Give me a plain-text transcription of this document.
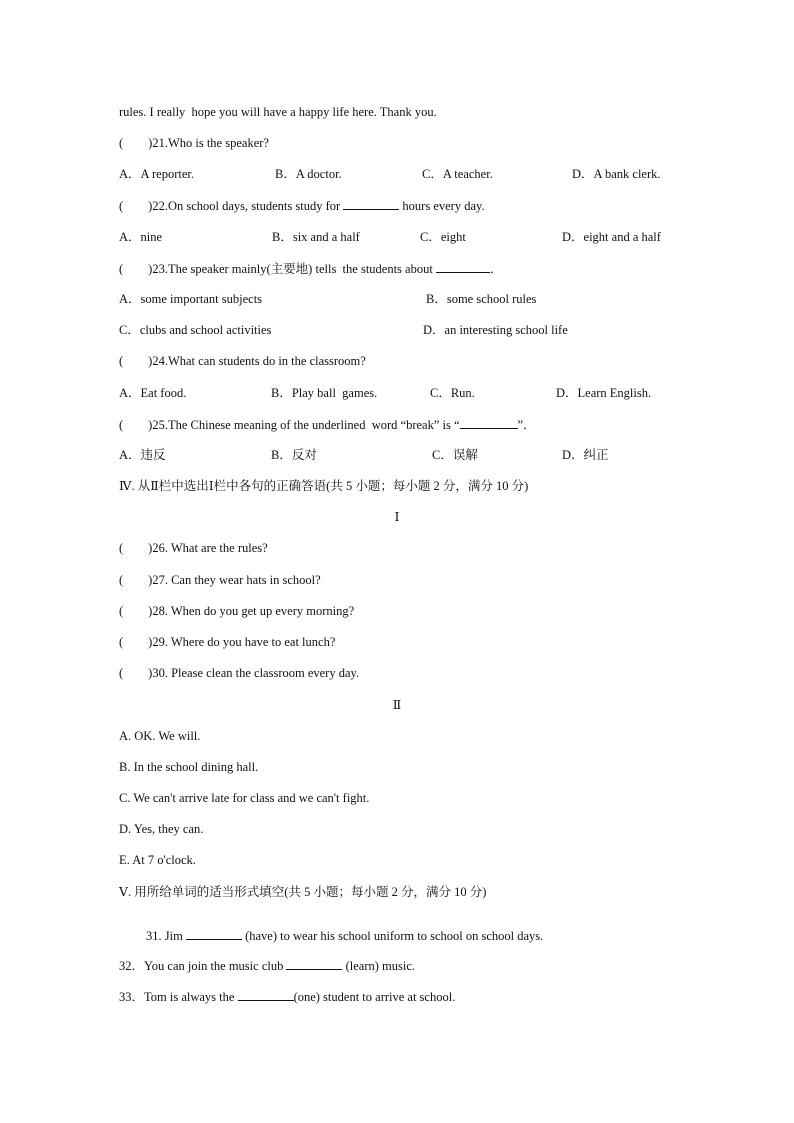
rules. I really  hope you will have a happy life here. Thank you.
(        )21.Who is the speaker?
A．A reporter.	B．A doctor.	C．A teacher.	D．A bank clerk.
(        )22.On school days, students study for	hours every day.
A．nine	B．six and a half	C．eight	D．eight and a half
(        )23.The speaker mainly(主要地) tells  the students about	．
A．some important subjects	B．some school rules
C．clubs and school activities	D．an interesting school life
(        )24.What can students do in the classroom?
A．Eat food.	B．Play ball  games.	C．Run.	D．Learn English.
(        )25.The Chinese meaning of the underlined  word “break” is “	”．
A．违反	B．反对	C．误解	D．纠正
Ⅳ. 从Ⅱ栏中选出Ⅰ栏中各句的正确答语(共 5 小题；每小题 2 分，满分 10 分)
Ⅰ
(        )26. What are the rules?
(        )27. Can they wear hats in school?
(        )28. When do you get up every morning?
(        )29. Where do you have to eat lunch?
(        )30. Please clean the classroom every day.
Ⅱ
A. OK. We will.
B. In the school dining hall.
C. We can't arrive late for class and we can't fight.
D. Yes, they can.
E. At 7 o'clock.
Ⅴ. 用所给单词的适当形式填空(共 5 小题；每小题 2 分，满分 10 分)
31. Jim	(have) to wear his school uniform to school on school days.
32．You can join the music club	(learn) music.
33．Tom is always the	(one) student to arrive at school.
